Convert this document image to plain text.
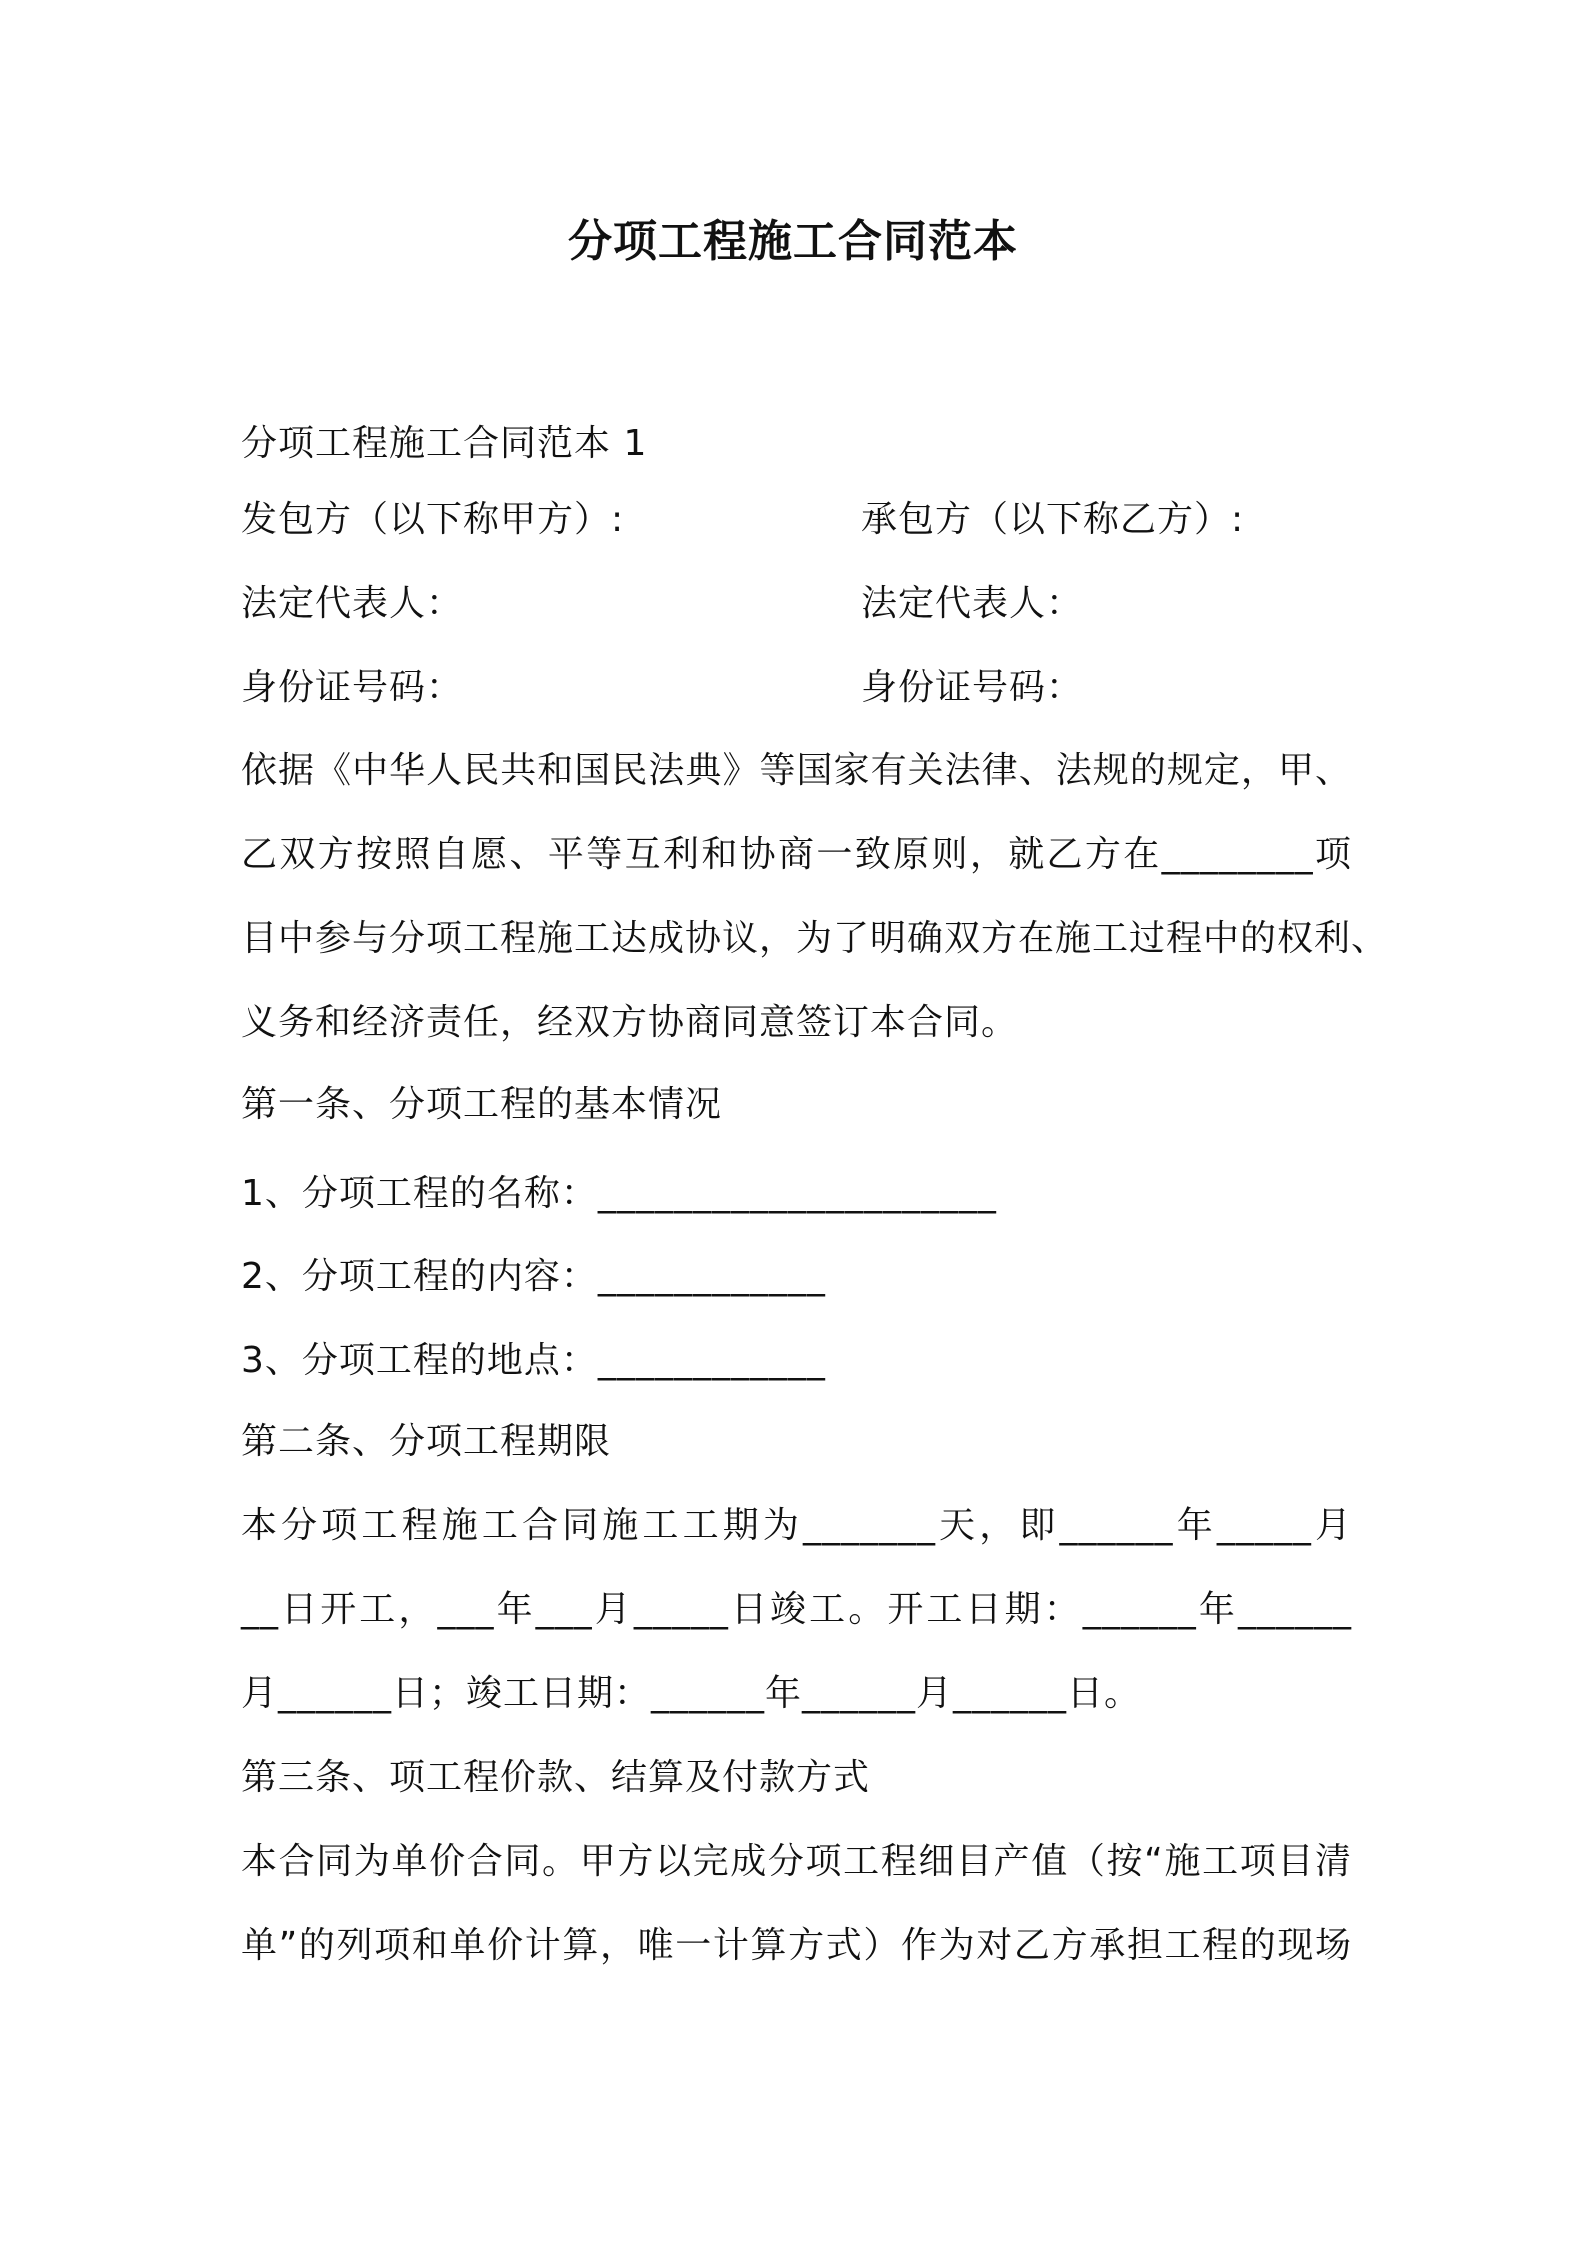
分项工程施工合同范本
分项工程施工合同范本 1
发包方（以下称甲方）:	承包方（以下称乙方）:
法定代表人：	法定代表人：
身份证号码：	身份证号码：
依据《中华人民共和国民法典》等国家有关法律、法规的规定，甲、
乙双方按照自愿、平等互利和协商一致原则，就乙方在________项
目中参与分项工程施工达成协议，为了明确双方在施工过程中的权利、
义务和经济责任，经双方协商同意签订本合同。
第一条、分项工程的基本情况
1、分项工程的名称：_____________________
2、分项工程的内容：____________
3、分项工程的地点：____________
第二条、分项工程期限
本分项工程施工合同施工工期为_______天，即______年_____月
__日开工，___年___月_____日竣工。开工日期：______年______
月______日；竣工日期：______年______月______日。
第三条、项工程价款、结算及付款方式
本合同为单价合同。甲方以完成分项工程细目产值（按“施工项目清
单”的列项和单价计算，唯一计算方式）作为对乙方承担工程的现场
